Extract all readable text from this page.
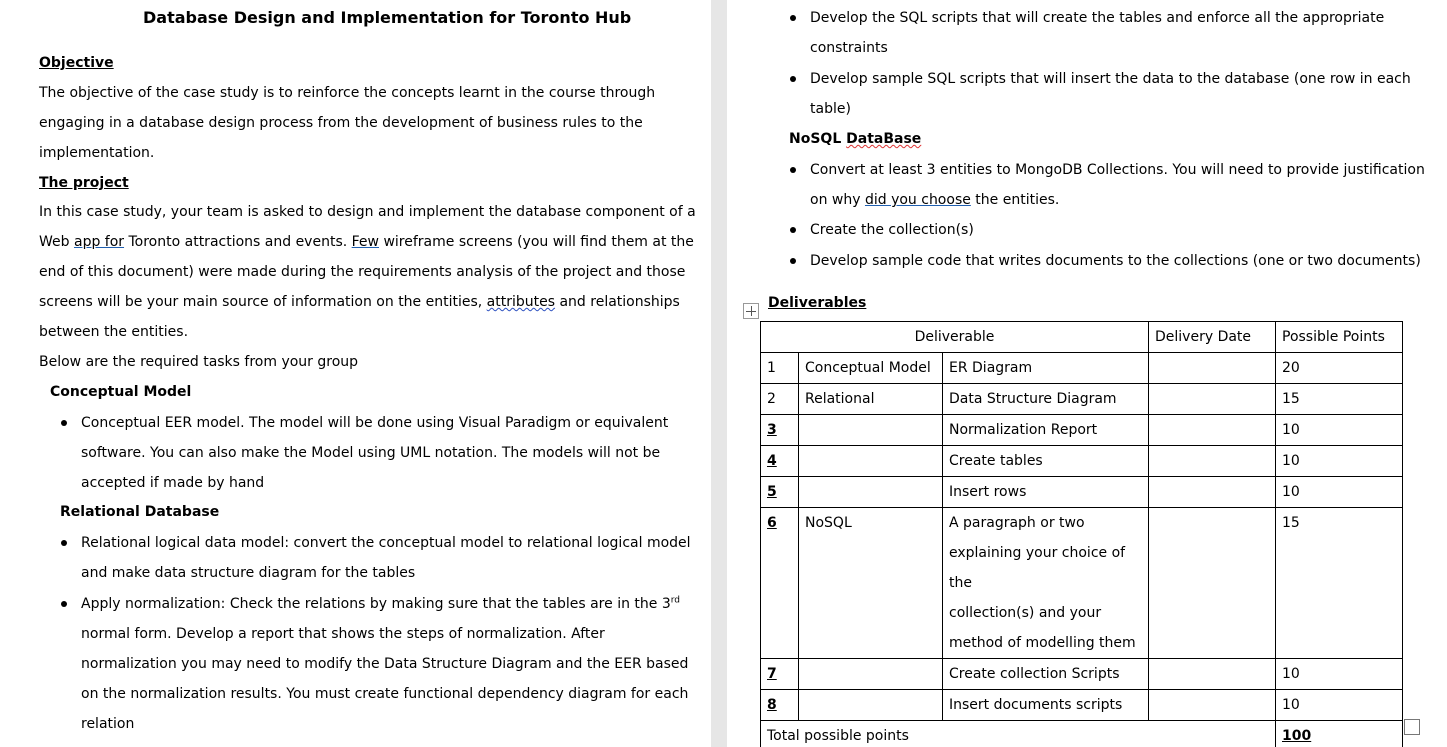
Database Design and Implementation for Toronto Hub
Objective
The objective of the case study is to reinforce the concepts learnt in the course through
engaging in a database design process from the development of business rules to the
implementation.
The project
In this case study, your team is asked to design and implement the database component of a
Web app for Toronto attractions and events. Few wireframe screens (you will find them at the
end of this document) were made during the requirements analysis of the project and those
screens will be your main source of information on the entities, attributes and relationships
between the entities.
Below are the required tasks from your group
Conceptual Model
Conceptual EER model. The model will be done using Visual Paradigm or equivalent
software. You can also make the Model using UML notation. The models will not be
accepted if made by hand
Relational Database
Relational logical data model: convert the conceptual model to relational logical model
and make data structure diagram for the tables
Apply normalization: Check the relations by making sure that the tables are in the 3rd
normal form. Develop a report that shows the steps of normalization. After
normalization you may need to modify the Data Structure Diagram and the EER based
on the normalization results. You must create functional dependency diagram for each
relation
Develop the SQL scripts that will create the tables and enforce all the appropriate
constraints
Develop sample SQL scripts that will insert the data to the database (one row in each
table)
NoSQL DataBase
Convert at least 3 entities to MongoDB Collections. You will need to provide justification
on why did you choose the entities.
Create the collection(s)
Develop sample code that writes documents to the collections (one or two documents)
Deliverables
Deliverable			Delivery Date	Possible Points
1	Conceptual Model	ER Diagram		20
2	Relational	Data Structure Diagram		15
3		Normalization Report		10
4		Create tables		10
5		Insert rows		10
6	NoSQL	A paragraph or two
explaining your choice of the
collection(s) and your
method of modelling them		15
7		Create collection Scripts		10
8		Insert documents scripts		10
Total possible points				100
